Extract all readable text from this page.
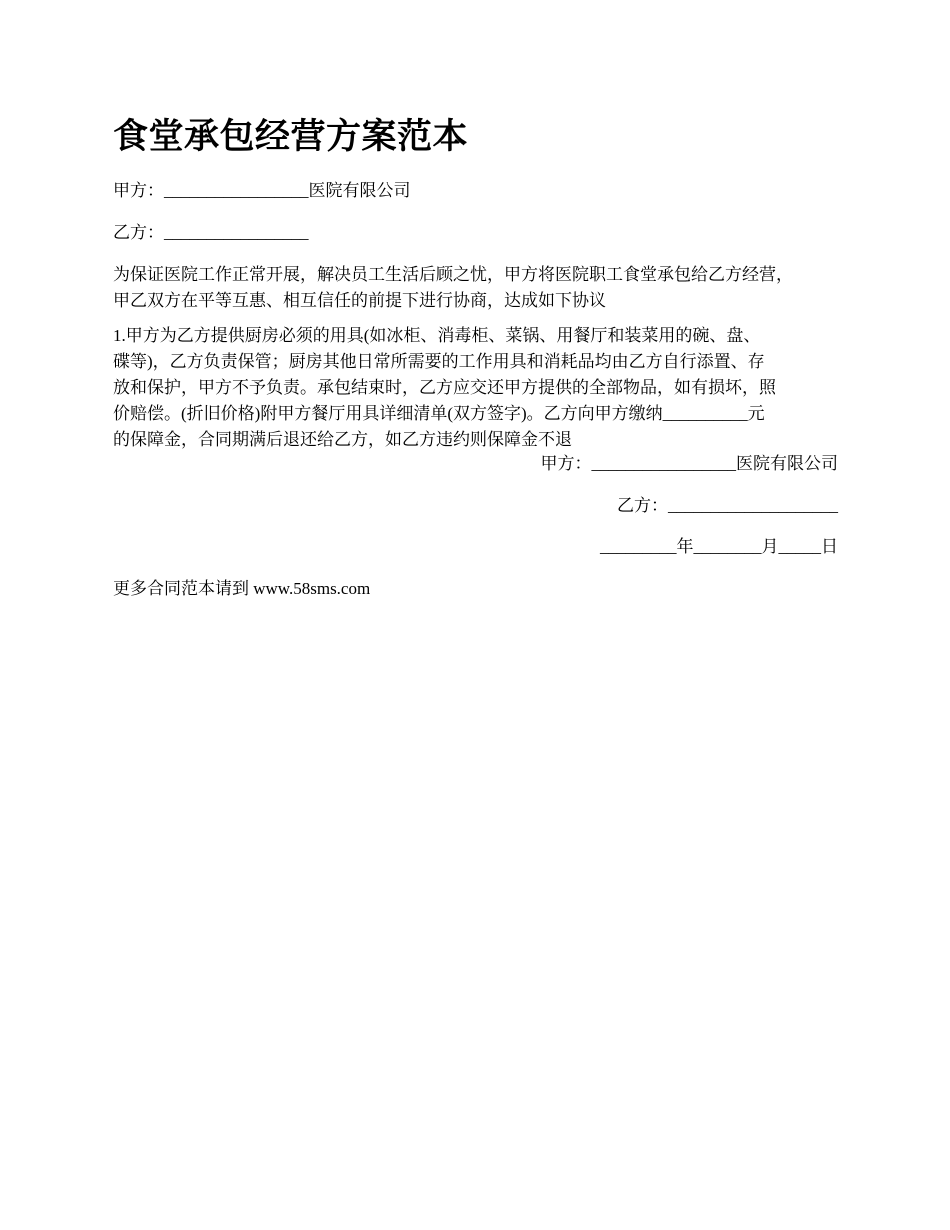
食堂承包经营方案范本
甲方：_________________医院有限公司
乙方：_________________
为保证医院工作正常开展，解决员工生活后顾之忧，甲方将医院职工食堂承包给乙方经营，
甲乙双方在平等互惠、相互信任的前提下进行协商，达成如下协议
1.甲方为乙方提供厨房必须的用具(如冰柜、消毒柜、菜锅、用餐厅和装菜用的碗、盘、
碟等)，乙方负责保管；厨房其他日常所需要的工作用具和消耗品均由乙方自行添置、存
放和保护，甲方不予负责。承包结束时，乙方应交还甲方提供的全部物品，如有损坏，照
价赔偿。(折旧价格)附甲方餐厅用具详细清单(双方签字)。乙方向甲方缴纳__________元
的保障金，合同期满后退还给乙方，如乙方违约则保障金不退
甲方：_________________医院有限公司
乙方：____________________
_________年________月_____日
更多合同范本请到 www.58sms.com
